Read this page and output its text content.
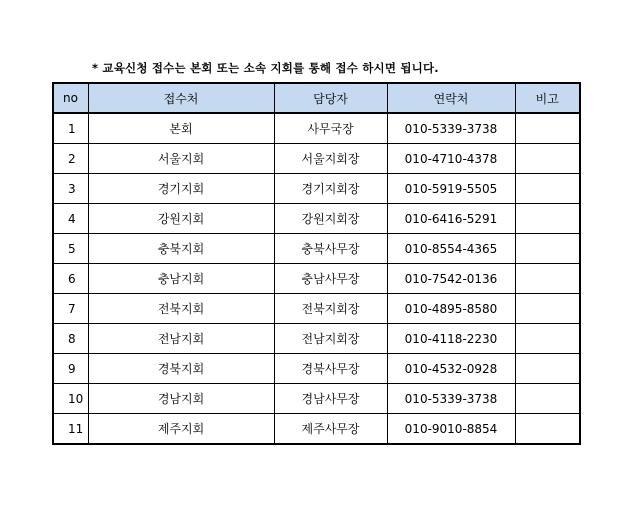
* 교육신청 접수는 본회 또는 소속 지회를 통해 접수 하시면 됩니다.
no	접수처	담당자	연락처	비고
1	본회	사무국장	010-5339-3738	
2	서울지회	서울지회장	010-4710-4378	
3	경기지회	경기지회장	010-5919-5505	
4	강원지회	강원지회장	010-6416-5291	
5	충북지회	충북사무장	010-8554-4365	
6	충남지회	충남사무장	010-7542-0136	
7	전북지회	전북지회장	010-4895-8580	
8	전남지회	전남지회장	010-4118-2230	
9	경북지회	경북사무장	010-4532-0928	
10	경남지회	경남사무장	010-5339-3738	
11	제주지회	제주사무장	010-9010-8854	
